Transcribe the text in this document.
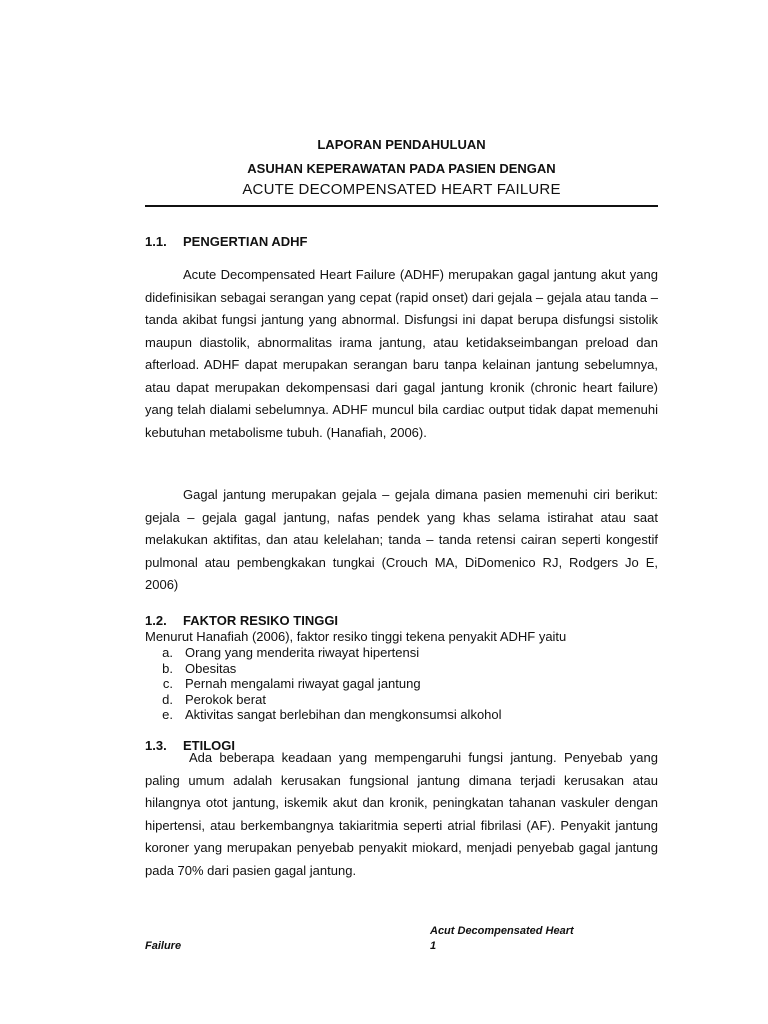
LAPORAN PENDAHULUAN
ASUHAN KEPERAWATAN PADA PASIEN DENGAN
ACUTE DECOMPENSATED HEART FAILURE
1.1. PENGERTIAN ADHF

Acute Decompensated Heart Failure (ADHF) merupakan gagal jantung akut yang didefinisikan sebagai serangan yang cepat (rapid onset) dari gejala – gejala atau tanda – tanda akibat fungsi jantung yang abnormal. Disfungsi ini dapat berupa disfungsi sistolik maupun diastolik, abnormalitas irama jantung, atau ketidakseimbangan preload dan afterload. ADHF dapat merupakan serangan baru tanpa kelainan jantung sebelumnya, atau dapat merupakan dekompensasi dari gagal jantung kronik (chronic heart failure) yang telah dialami sebelumnya. ADHF muncul bila cardiac output tidak dapat memenuhi kebutuhan metabolisme tubuh. (Hanafiah, 2006).

Gagal jantung merupakan gejala – gejala dimana pasien memenuhi ciri berikut: gejala – gejala gagal jantung, nafas pendek yang khas selama istirahat atau saat melakukan aktifitas, dan atau kelelahan; tanda – tanda retensi cairan seperti kongestif pulmonal atau pembengkakan tungkai (Crouch MA, DiDomenico RJ, Rodgers Jo E, 2006)

1.2. FAKTOR RESIKO TINGGI
Menurut Hanafiah (2006), faktor resiko tinggi tekena penyakit ADHF yaitu
a. Orang yang menderita riwayat hipertensi
b. Obesitas
c. Pernah mengalami riwayat gagal jantung
d. Perokok berat
e. Aktivitas sangat berlebihan dan mengkonsumsi alkohol
1.3. ETILOGI

Ada beberapa keadaan yang mempengaruhi fungsi jantung. Penyebab yang paling umum adalah kerusakan fungsional jantung dimana terjadi kerusakan atau hilangnya otot jantung, iskemik akut dan kronik, peningkatan tahanan vaskuler dengan hipertensi, atau berkembangnya takiaritmia seperti atrial fibrilasi (AF). Penyakit jantung koroner yang merupakan penyebab penyakit miokard, menjadi penyebab gagal jantung pada 70% dari pasien gagal jantung.

Acut Decompensated Heart
1
Failure
